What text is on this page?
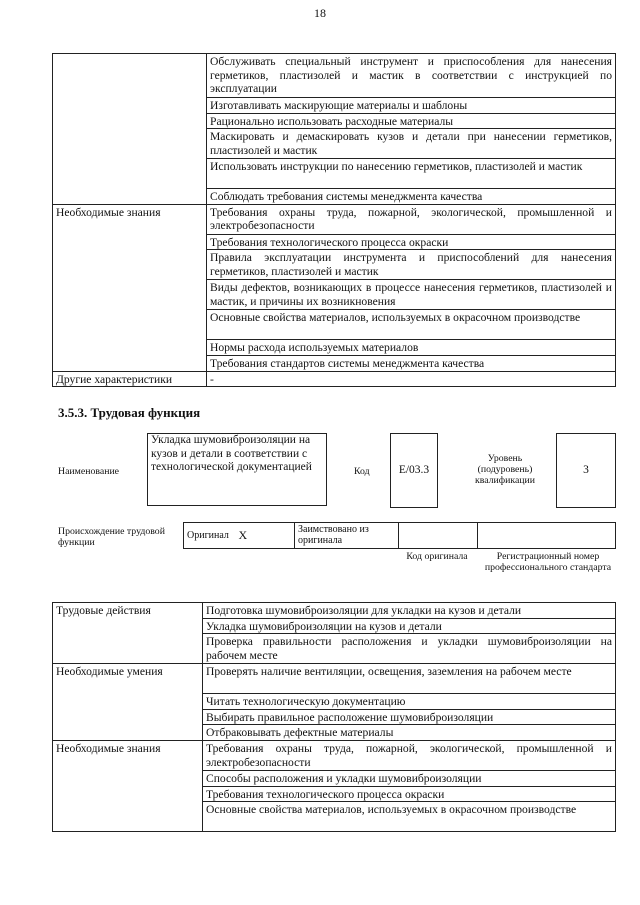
18
	Обслуживать специальный инструмент и приспособления для нанесения герметиков, пластизолей и мастик в соответствии с инструкцией по эксплуатации
	Изготавливать маскирующие материалы и шаблоны
	Рационально использовать расходные материалы
	Маскировать и демаскировать кузов и детали при нанесении герметиков, пластизолей и мастик
	Использовать инструкции по нанесению герметиков, пластизолей и мастик
	Соблюдать требования системы менеджмента качества
Необходимые знания	Требования охраны труда, пожарной, экологической, промышленной и электробезопасности
	Требования технологического процесса окраски
	Правила эксплуатации инструмента и приспособлений для нанесения герметиков, пластизолей и мастик
	Виды дефектов, возникающих в процессе нанесения герметиков, пластизолей и мастик, и причины их возникновения
	Основные свойства материалов, используемых в окрасочном производстве
	Нормы расхода используемых материалов
	Требования стандартов системы менеджмента качества
Другие характеристики	-
3.5.3. Трудовая функция
Наименование
Укладка шумовиброизоляции на кузов и детали в соответствии с технологической документацией	Код	E/03.3
Уровень (подуровень) квалификации
3
Происхождение трудовой функции
Оригинал	X	Заимствовано из оригинала		
Код оригинала	Регистрационный номер профессионального стандарта
Трудовые действия	Подготовка шумовиброизоляции для укладки на кузов и детали
	Укладка шумовиброизоляции на кузов и детали
	Проверка правильности расположения и укладки шумовиброизоляции на рабочем месте
Необходимые умения	Проверять наличие вентиляции, освещения, заземления на рабочем месте
	Читать технологическую документацию
	Выбирать правильное расположение шумовиброизоляции
	Отбраковывать дефектные материалы
Необходимые знания	Требования охраны труда, пожарной, экологической, промышленной и электробезопасности
	Способы расположения и укладки шумовиброизоляции
	Требования технологического процесса окраски
	Основные свойства материалов, используемых в окрасочном производстве
